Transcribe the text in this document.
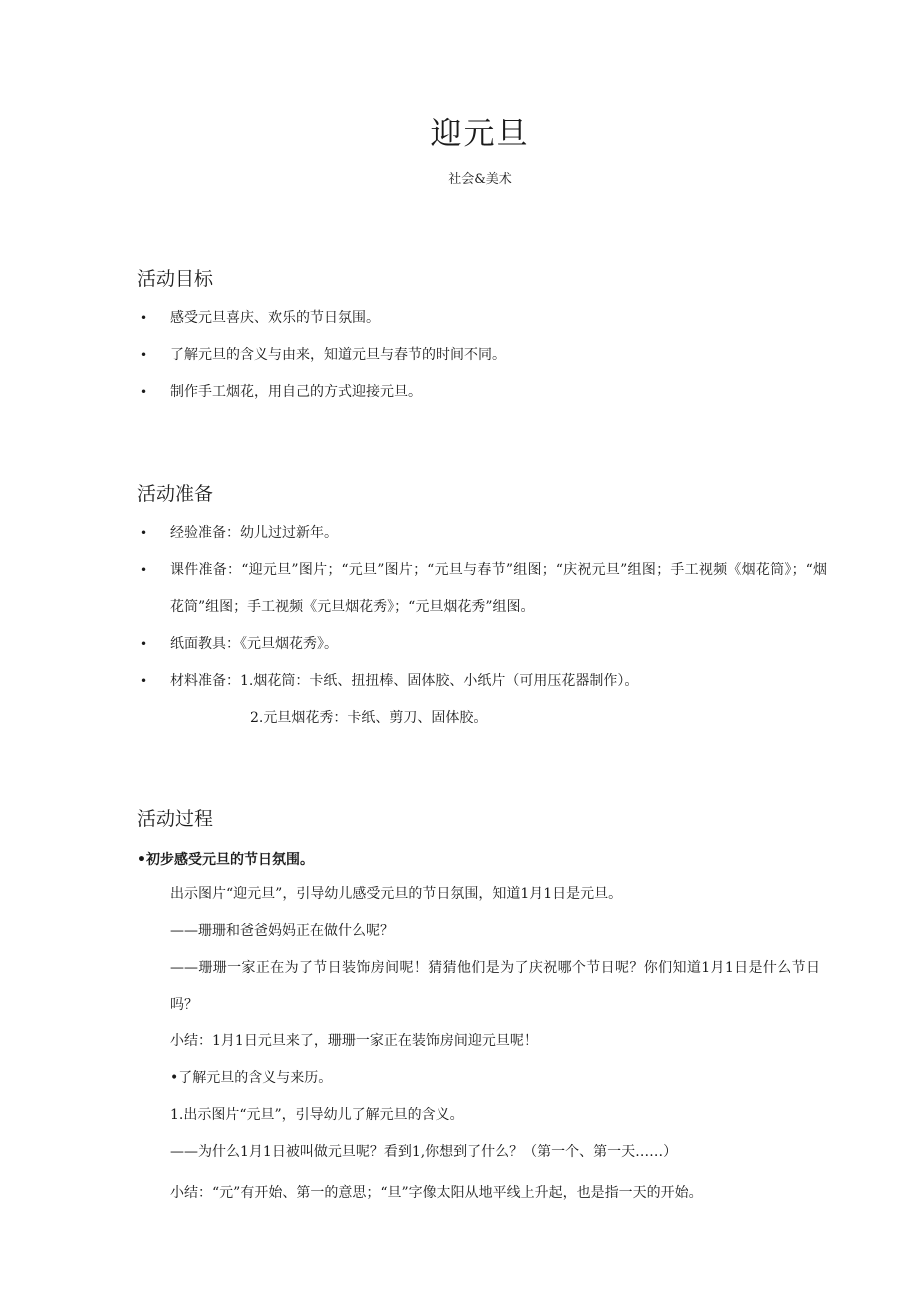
迎元旦
社会&美术
活动目标
• 感受元旦喜庆、欢乐的节日氛围。
• 了解元旦的含义与由来，知道元旦与春节的时间不同。
• 制作手工烟花，用自己的方式迎接元旦。
活动准备
• 经验准备：幼儿过过新年。
• 课件准备：“迎元旦”图片；“元旦”图片；“元旦与春节”组图；“庆祝元旦”组图；手工视频《烟花筒》；“烟花筒”组图；手工视频《元旦烟花秀》；“元旦烟花秀”组图。
• 纸面教具：《元旦烟花秀》。
• 材料准备：1.烟花筒：卡纸、扭扭棒、固体胶、小纸片（可用压花器制作）。
2.元旦烟花秀：卡纸、剪刀、固体胶。
活动过程
•初步感受元旦的节日氛围。
出示图片“迎元旦”，引导幼儿感受元旦的节日氛围，知道1月1日是元旦。
——珊珊和爸爸妈妈正在做什么呢？
——珊珊一家正在为了节日装饰房间呢！猜猜他们是为了庆祝哪个节日呢？你们知道1月1日是什么节日吗？
小结：1月1日元旦来了，珊珊一家正在装饰房间迎元旦呢！
•了解元旦的含义与来历。
1.出示图片“元旦”，引导幼儿了解元旦的含义。
——为什么1月1日被叫做元旦呢？看到1,你想到了什么？（第一个、第一天……）
小结：“元”有开始、第一的意思；“旦”字像太阳从地平线上升起，也是指一天的开始。
